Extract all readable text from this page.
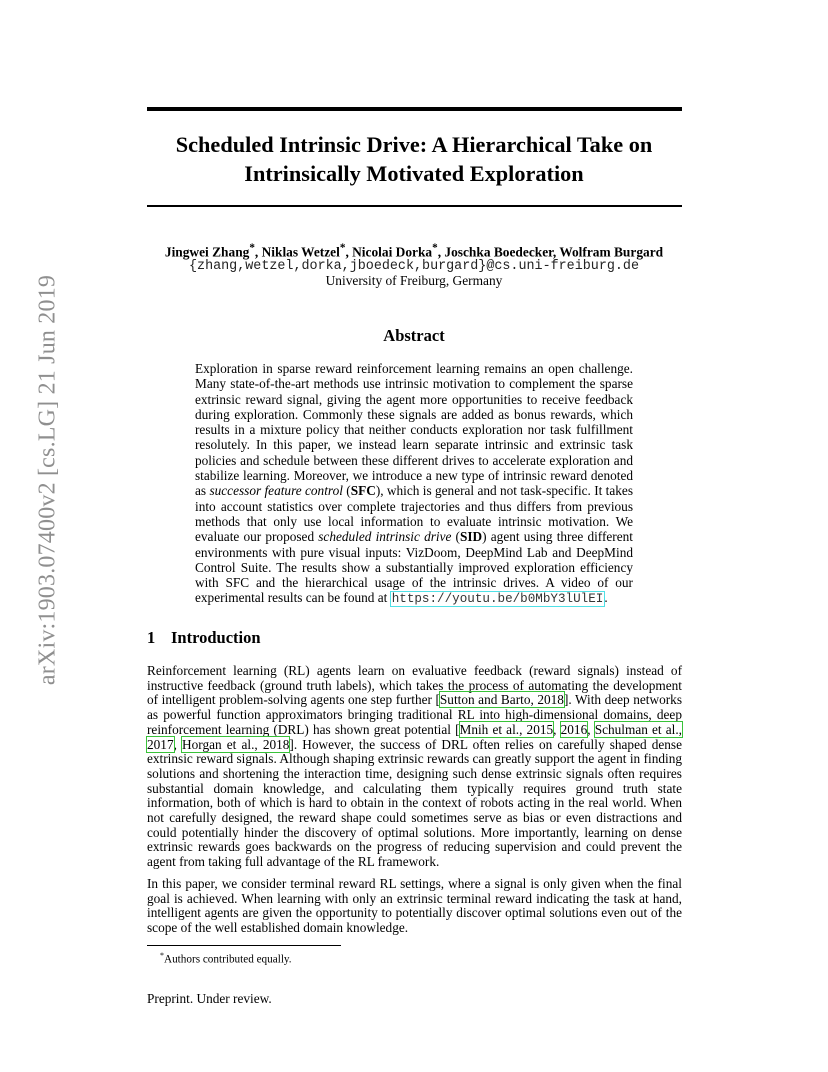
arXiv:1903.07400v2 [cs.LG] 21 Jun 2019
Scheduled Intrinsic Drive: A Hierarchical Take on
Intrinsically Motivated Exploration
Jingwei Zhang*, Niklas Wetzel*, Nicolai Dorka*, Joschka Boedecker, Wolfram Burgard
{zhang,wetzel,dorka,jboedeck,burgard}@cs.uni-freiburg.de
University of Freiburg, Germany
Abstract
Exploration in sparse reward reinforcement learning remains an open challenge. Many state-of-the-art methods use intrinsic motivation to complement the sparse extrinsic reward signal, giving the agent more opportunities to receive feedback during exploration. Commonly these signals are added as bonus rewards, which results in a mixture policy that neither conducts exploration nor task fulfillment resolutely. In this paper, we instead learn separate intrinsic and extrinsic task policies and schedule between these different drives to accelerate exploration and stabilize learning. Moreover, we introduce a new type of intrinsic reward denoted as successor feature control (SFC), which is general and not task-specific. It takes into account statistics over complete trajectories and thus differs from previous methods that only use local information to evaluate intrinsic motivation. We evaluate our proposed scheduled intrinsic drive (SID) agent using three different environments with pure visual inputs: VizDoom, DeepMind Lab and DeepMind Control Suite. The results show a substantially improved exploration efficiency with SFC and the hierarchical usage of the intrinsic drives. A video of our experimental results can be found at https://youtu.be/b0MbY3lUlEI.
1 Introduction
Reinforcement learning (RL) agents learn on evaluative feedback (reward signals) instead of instructive feedback (ground truth labels), which takes the process of automating the development of intelligent problem-solving agents one step further [Sutton and Barto, 2018]. With deep networks as powerful function approximators bringing traditional RL into high-dimensional domains, deep reinforcement learning (DRL) has shown great potential [Mnih et al., 2015, 2016, Schulman et al., 2017, Horgan et al., 2018]. However, the success of DRL often relies on carefully shaped dense extrinsic reward signals. Although shaping extrinsic rewards can greatly support the agent in finding solutions and shortening the interaction time, designing such dense extrinsic signals often requires substantial domain knowledge, and calculating them typically requires ground truth state information, both of which is hard to obtain in the context of robots acting in the real world. When not carefully designed, the reward shape could sometimes serve as bias or even distractions and could potentially hinder the discovery of optimal solutions. More importantly, learning on dense extrinsic rewards goes backwards on the progress of reducing supervision and could prevent the agent from taking full advantage of the RL framework.
In this paper, we consider terminal reward RL settings, where a signal is only given when the final goal is achieved. When learning with only an extrinsic terminal reward indicating the task at hand, intelligent agents are given the opportunity to potentially discover optimal solutions even out of the scope of the well established domain knowledge.
*Authors contributed equally.
Preprint. Under review.
